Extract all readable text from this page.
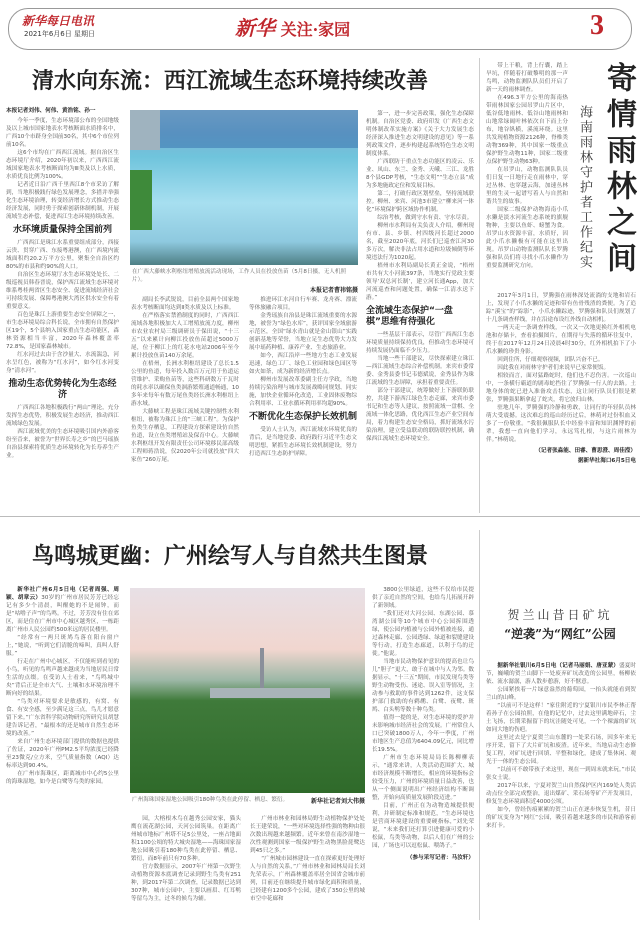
新华每日电讯
2021年6月6日 星期日	新华 关注·家园	3
清水向东流：西江流域生态环境持续改善
本报记者刘伟、何伟、黄浩铭、孙一

今年一季度，生态环境部公布的全国地级及以上城市国家地表水考核断面水质排名中，广西10个市跻身全国前30名，其中6个市位列前10名。

这6个市均在广西西江流域。据自治区生态环境厅介绍，2020年初以来，广西西江流域国家地表水考核断面均为Ⅲ类及以上水质，水质优良比例为100%。

记者近日沿广西千里西江8个市采访了解到，当地积极践行绿色发展理念，多措并举强化生态环境治理，转变经济增长方式推动生态经济发展，同时勇于探索创新体制机制，开展流域生态补偿，促进西江生态环境持续改善。

水环境质量保持全国前列

广西西江是珠江水系重要组成部分，西接云贵、贯穿广西、东接粤港澳，在广西境内流域面积约20.2万平方公里，聚集全自治区约80%的市县和约90%的人口。

自治区生态环境厅水生态环境处处长、二级巡视员韩春晋说，保护西江流域生态环境对维系粤桂两省区生态安全、促进流域经济社会可持续发展、保障粤港澳大湾区供水安全有着重要意义。

百色是珠江上游重要生态安全屏障之一，市生态环境局综合科长说，全市拥有自然保护区19个，5个县纳入国家重点生态功能区，森林资源相当丰富，2020年森林覆盖率72.8%，是国家森林城市。

红水河过去由于含沙量大、水流湍急，河水呈红色，被称为“红水河”，如今红水河变身“清水河”。

推动生态优势转化为生态经济

广西西江各地积极践行“两山”理论，充分发挥生态优势，积极发展生态经济，推动西江流域绿色发展。

西江流域优美的生态环境吸引国内外游客纷至沓来，被誉为“世界长寿之乡”的巴马瑶族自治县探索将优质生态环境转化为长寿养生产业。

在广西大藤峡水利枢纽增殖放流活动现场，工作人员在投放鱼苗（5月8日摄，无人机照片）。
本报记者曹祎铭摄

副局长李武锐说，目前全县两个国家地表水考核断面均达到Ⅱ类水质及以上标准。

在严格落实禁渔制度的同时，广西西江流域各地积极加大人工增殖放流力度，柳州市农业农村局三级调研员于保田说，“十三五”以来累计向柳江投放鱼苗超过5000万尾，位于柳江上的红花水电站2006年至今累计投放鱼苗140万余尾。

在梧州，长洲水利枢纽建设了总长1.5公里的鱼道，每年投入数百万元用于鱼道运营维护、采购鱼苗等，这些科研数万千瓦时的耗水率以确保鱼类洄游繁殖通道畅通，10多年来每年有数万尾鱼类经长洲水利枢纽上游水域。

大藤峡工程是珠江流域关键控制性水利枢纽，被称为珠江上的“三峡工程”。为保护鱼类生存栖息，工程建设方探索建设仿自然鱼道，设立鱼类增殖站及保育中心。大藤峡水利枢纽开发有限责任公司环境移民部高级工程师蒋浩说，仅2020年公司就投放“四大家鱼”260万尾。

推进环江水河自行车赛、龙舟赛、漂流等体旅融合项目。

金秀瑶族自治县是珠江流域重要的水源地，被誉为“绿色水库”，获评国家全域旅游示范区，全国“绿水青山就是金山银山”实践创新基地等荣誉，当地立足生态优势大力发展中瑶药种植、康养产业、生态旅游业。

如今，西江沿岸一些地方生态工业发展迅速，绿色工厂、绿色工业园和绿色园区等如火如荼，成为新的经济增长点。

柳州市发展改革委副主任方学政，当地持续污染治理与城市发展战略同规划、同实施，加快企业循环化改造，工业固体废物综合利用率、工业水循环利用率均超90%。

不断优化生态保护长效机制

受访人士认为，西江流域水环境优良的背后，是当地党委、政府践行习近平生态文明思想，紧抓生态环境长效机制建设，努力打造西江生态防护屏障。

第一，进一步完善政策，强化生态保障机制。自治区党委、政府印发《广西生态文明体制改革实施方案》《关于大力发展生态经济深入推进生态文明建设的意见》等一系列政策文件，逐步构建起系统特色生态文明制度体系。

广西联防于重点生态功能区的凌云、乐业、凤山、东兰、金秀、天峨、三江、龙胜8个县GDP考核，“生态文明”“生态立县”成为多地施政定位和发展目标。

第二，打破行政区划壁垒，坚持流域联控。柳州、来宾、河池3市建立“柳来河一体化”环境保护跨区域协作机制。

综治考核，做到守水有责、守水尽责。

柳州市水利局有关负责人介绍，柳州现有市、县、乡镇、村四级河长超过2000名，截至2020年底，河长们已巡查江河30多万次，解决非法占用水道和垃圾倾倒等环境违法行为1020起。

梧州市水利局副局长黄正金说，“梧州市共有大小河流397条，当地实行党政主要领导‘双总河长制’，建立河长通App，加大河流巡查和问题处置，确保一江清水送下游。”

全流域生态保护“一盘棋”思维有待强化

一些基层干部表示，尽管广西西江生态环境质量持续保持优良，但推动生态环境可持续发展仍面临不少压力。

当地一些干部建议，尽快探索建立珠江—西江流域生态综合补偿机制。来宾市委常委、金秀县委书记韦德斌说，金秀县作为珠江流域的生态屏障，承担着重要责任。

部分干部建议，统筹做好上下游联防联控，共建下游西江绿色生态走廊，来宾市委书记和生态等人建议，按照流域一盘棋、全流域一体化思路，优化西江生态产业空间布局，着力构建生态安全格局，抓好流域水污染治理，建立受益联动的联防联控机制，确保西江流域生态环境安全。

寄情雨林之间
海南雨林守护者工作纪实

带上干粮，背上行囊，踏上旱坑，伴随着打破黎明的那一声鸟鸣，动物监测队队员们开启了新一天的雨林调查。

在496.3平方公里的海南热带雨林国家公园吊罗山片区中，低谷低地雨林、低谷山地雨林和山地常绿阔叶林依次自下而上分布，地谷纵横，溪流环绕。这里共发现植物资源2126种，脊椎类动物369种，其中国家一级重点保护野生动物11种，国家二级重点保护野生动物63种。

在吊罗山，动物监测队队员们日复一日地行走在雨林中，穿过丛林、也穿越云海，加速丛林里的生灵一起谱写着人与自然和谐共生的故事。

国家二级保护动物海南小爪水獭是淡水河流生态系统的旗舰物种，主要以鱼虾、螃蟹为食。吊罗山水资源丰富，水质好，因此小爪水獭极有可能在这里出现。吊罗山动物监测队队长罗腾强和队员们将寻找小爪水獭作为重要监测研究方向。

2017年3月1日，罗腾强在雨林深处流淌的支地和岩石上，发现了小爪水獭的足迹和带有鱼骨残渣的粪便。为了追踪“溪宝”的“踪影”，小爪水獭踪迹，罗腾强和队员们规划了十几条调查样线，并在沿途布设红外线自动相机。

一两天走一条调查样线，一次又一次地更换红外相机电池和存储卡，查看拍摄图片，在期待与失落的循环往复中，终于在2017年12月24日凌晨4时30分，红外相机拍下了小爪水獭的珍贵身影。

回到住所，仔细观察视频，团队兴奋不已。

因此我在对雨林守护者们来说早已家常便饭。

相较而言，面对猛路蛇时，他们也不忍伤害。一次巡山中，一条横行霸道的剧毒蛇挡住了罗腾强一行人的去路。土地身体的蛇已进入准备攻击状态，这让同行队员们很是紧张，罗腾强果断拿起了蛇夹，将它放归山林。

驻地几年，罗腾强的冷静和勇敢，让同行的年轻队员林萌大受震撼。这次难忘的巡山经历过后，林萌对过份积血又多了一份敬重。“我很佩服队长中经验丰富和知识渊博的前辈，我想一直向他们学习，永远笃扎根，与这片雨林为伴。”林萌说。

（记者张淼能、田睿、曹思澄、周佳滢）
据新华社海口6月5日电
鸟鸣城更幽：广州绘写人与自然共生图景

新华社广州6月5日电（记者周强、周颖、胡章云）30岁的广州市居民芳芳已经忘记有多少个清晨，叫醒她的不是闹钟，而是“咕噜子声”的鸟鸣。不过，芳芳没有住在郊区，而是住在广州市中心城区越秀区，一栋距离广州市人民公园约500米远的居民楼里。

“经常有一两只斑鸠鸟落在阳台窗户上，”她说，“听到它们清脆的啼叫，真叫人舒服。”

行走在广州中心城区，不仅能听到看见的小鸟，听见的鸟鸣声越来越成为当地居民日常生活的点缀。在受访人士看来，“鸟鸣城中央”背后正是全市大气、土壤和水环境治理不断向好的结果。

“鸟类对环境要求是敏感的，有窝、有食、有安全感，至少满足这三点，鸟儿才愿意留下来。”广东省科学院动物研究所研究员胡慧建告诉记者，“最根本的还是城市自然生态环境的改善。”

来自广州生态环境部门提供的数据也提供了佐证，2020年广州PM2.5平均浓度已经降至23微克/立方米，空气质量指数（AQI）达标率达到90.4%。

在广州市海珠区，距离城市中心约5公里的海珠湿地，如今是白鹭等鸟类的家园。

广州海珠国家湿地公园吸引180种鸟类在此停留、栖息、繁衍。	新华社记者刘大伟摄

园，大榕根木鸟在越秀公园安家，猫头鹰在流花湖公园，天河公园筑巢。在距离广州城市地标广州塔不足5公里处，一座占地面积1100公顷的特大城央湿地——海珠国家湿地公园吸引着180种鸟类在此停留、栖息、繁衍，而8年前只有70多种。

官方数据显示，2007年广州第一次野生动植物资源本底调查记录到野生鸟类有251种，到2017年第二次调查，记录数据已达到307种，城市公园中，主要以画眉、红耳鹎等留鸟为主，过冬的候鸟为辅。

广州市林业和园林局野生动植物保护处处长王建荣说，“一些对环境选择性强的物种由很次数出现越来越频繁。近年来曾在南沙湿地一次性观测到国家一级保护野生动物黑脸琵鹭达到45只之多。”

“广州城市园林建设一直在探索更好处理好人与自然的关系，”广州市林业和园林局局长刘先荣表示，广州森林覆盖率居全国省会城市前列，目前还在继续提升城市绿化面积和质量，已经建有1200多个公园，建成了350公里的城市空中花廊和

3800公里绿道，这些不仅给市民提供了亲近自然的空间，也给鸟儿拓展开辟了新领域。

“我们还对大河公园、东湖公园、慕湾湖公园等10个城市中心公园拆围透绿，使公园内植被与公园外植被连接，通过森林走廊、公园透绿、绿道和裂缝建设等行动，打造生态廊道，以利于鸟的迁徙。”他说。

当地市民动物保护意识的提高也让鸟儿“胆子”更大，敢于在城中与人为邻。数据显示，“十三五”期间，市民发现鸟类等野生动物受伤、迷途、误入室等情况，主动参与救助的事件达到1262件，这支保护部门救助的有鹈鹕、白鹭、夜鹭、斑鸠、白头鹎等数十种鸟类。

值得一提的是，对生态环境的爱护并未影响城市经济社会的发展。广州常住人口已突破1800万人，今年一季度，广州市地区生产总值为6404.09亿元，同比增长19.5%。

广州市生态环境局局长陈柳柳表示，“通常来讲，人类活动范围扩大、城市经济规模不断增长，相应的环境指标会较受压力，广州的环境质量日益改善，也从一个侧面说明出广州经济结构不断调整，开始向高质量发展阶段迈进。”

目前，广州正在为动物造城提供便利，并研制定标准和规范，“生态环境也是营商环境建设的重要硬指标，”刘先荣说，“未来我们还打算引进健康可爱的小松鼠，鸟类等动物，以后人们在广州的公园，广场也可以逗松鼠、喂鸽子。”

（参与采写记者：马汝轩）
贺兰山昔日矿坑
“逆袭”为“网红”公园

据新华社银川6月5日电（记者马丽娟、唐亚蒙）盛夏时节，巍峨的贺兰山脚下一处废弃矿坑改造的公园里，杨柳依依、流水潺潺，游人散步憩游，好不惬意。

公园紧挨着一片绿意盎然的葡萄园，一抬头就能看到贺兰山的山峰。

“以前可不是这样！”家住附近的宁夏银川市民李林正帮着孙子在公园拍照，在他的记忆中，过去这里满地碎石，尘土飞扬，长期采掘留下的坑洼随处可见，一个个裸露的矿坑如同大地的伤疤。

这里过去是宁夏贺兰山东麓的一处采石场，因多年来无序开采，留下了大片矿坑和废渣。近年来，当地启动生态修复工程，对矿坑进行回填、平整和绿化，建成了集休闲、观光于一体的生态公园。

“以前可不敢带孩子来这里，现在一到周末就来玩。”市民张女士说。

2017年以来，宁夏对贺兰山自然保护区内169处人类活动点位全部完成整治，退出煤矿、采石场等矿产开发项目，修复生态环境面积近4000公顷。

如今，曾经伤痕累累的贺兰山正在逐步恢复生机，昔日的矿坑变身为“网红”公园，吸引着越来越多的市民和游客前来打卡。
